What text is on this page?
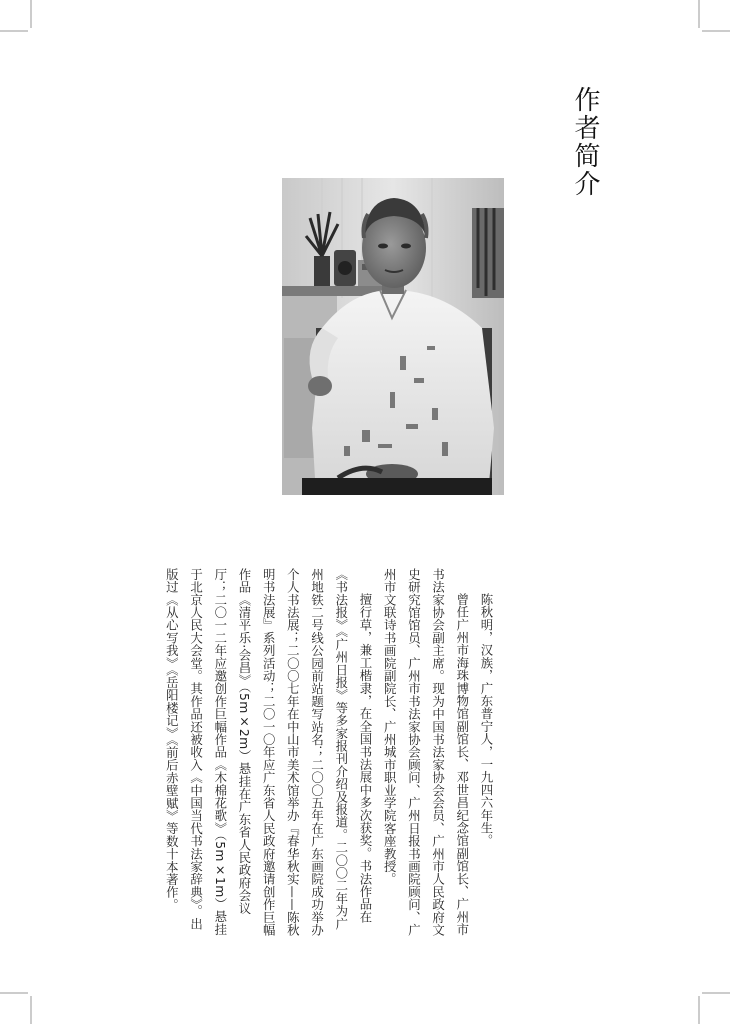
作者简介

陈秋明，汉族，广东普宁人，一九四六年生。

曾任广州市海珠博物馆副馆长、邓世昌纪念馆副馆长、广州市书法家协会副主席。现为中国书法家协会会员、广州市人民政府文史研究馆馆员、广州市书法家协会顾问、广州日报书画院顾问、广州市文联诗书画院副院长、广州城市职业学院客座教授。

擅行草，兼工楷隶，在全国书法展中多次获奖。书法作品在《书法报》《广州日报》等多家报刊介绍及报道。二〇〇二年为广州地铁二号线公园前站题写站名；二〇〇五年在广东画院成功举办个人书法展；二〇〇七年在中山市美术馆举办『春华秋实——陈秋明书法展』系列活动；二〇一〇年应广东省人民政府邀请创作巨幅作品《清平乐·会昌》（5m×2m）悬挂在广东省人民政府会议厅；二〇一二年应邀创作巨幅作品《木棉花歌》（5m×1m）悬挂于北京人民大会堂。其作品还被收入《中国当代书法家辞典》。出版过《从心写我》《岳阳楼记》《前后赤壁赋》等数十本著作。
